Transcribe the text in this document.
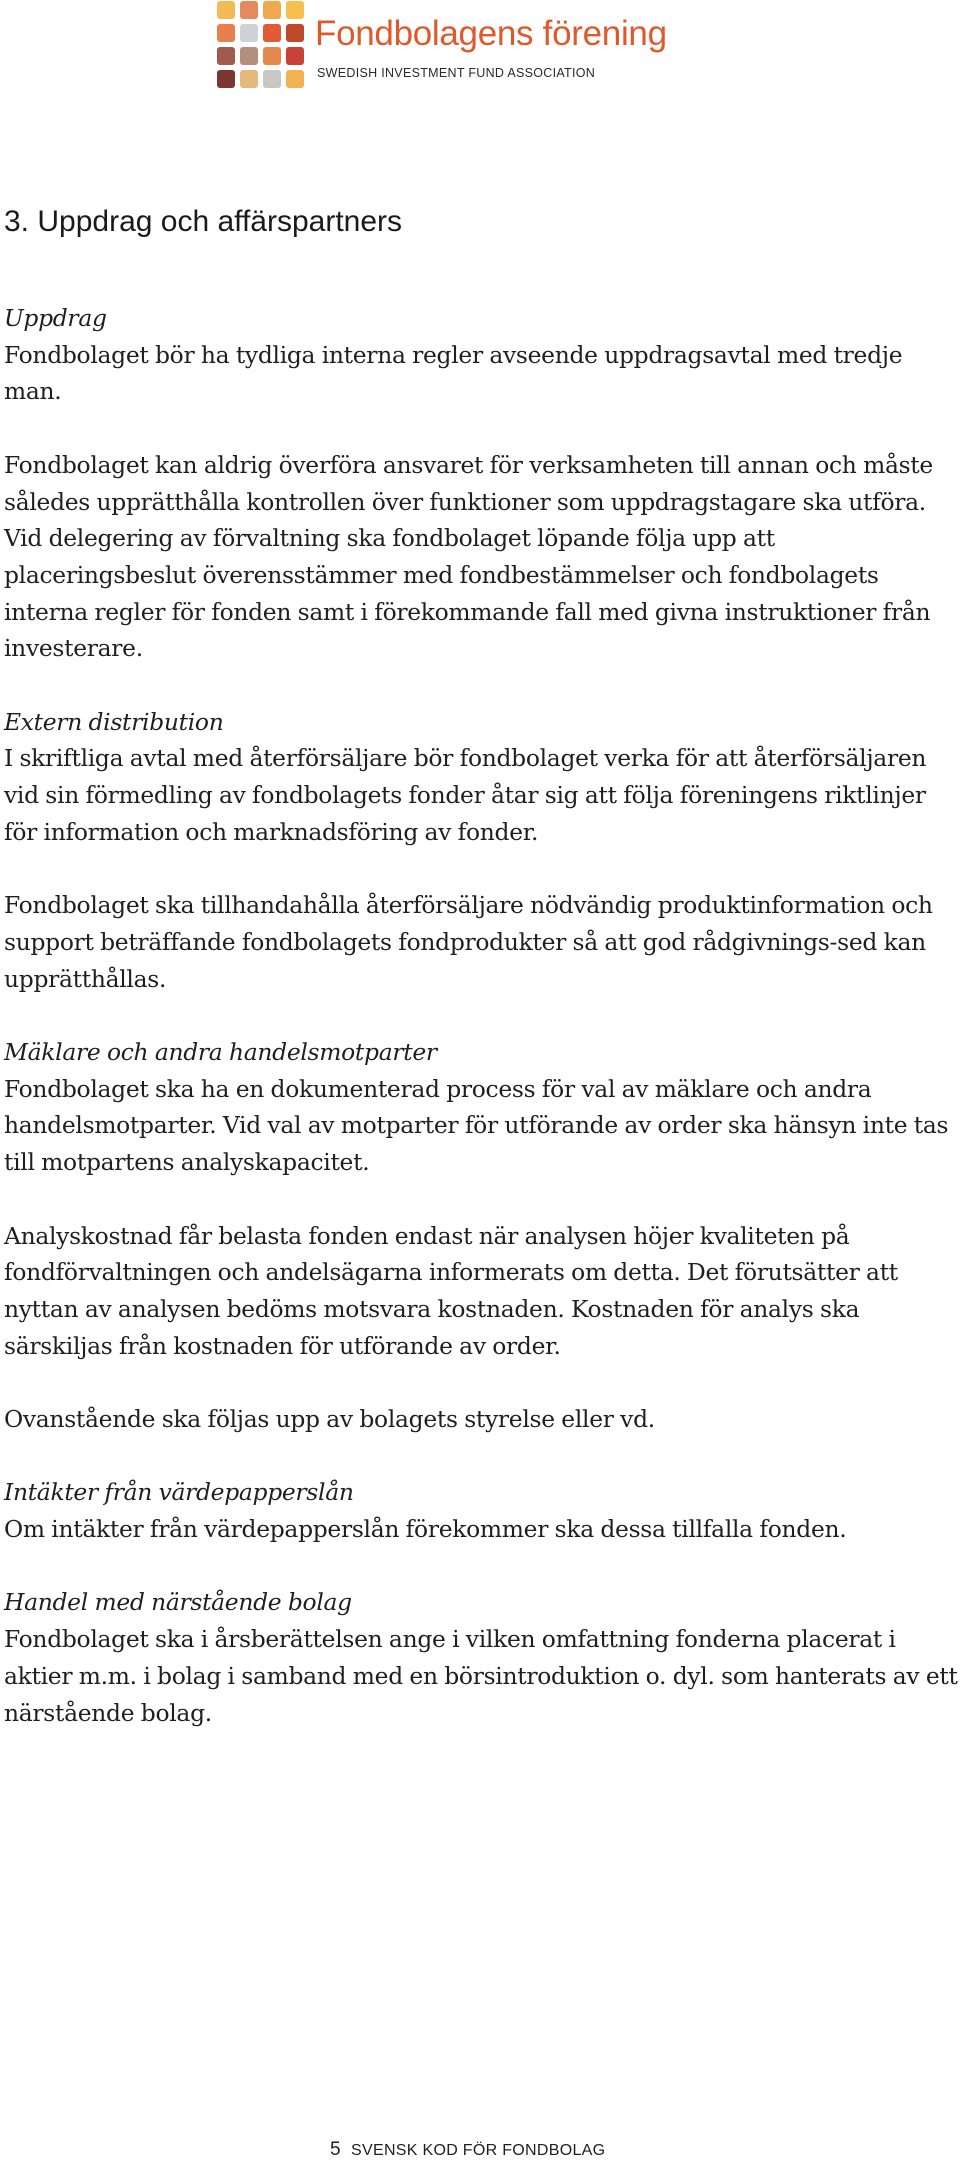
Fondbolagens förening
SWEDISH INVESTMENT FUND ASSOCIATION
3. Uppdrag och affärspartners
Uppdrag

Fondbolaget bör ha tydliga interna regler avseende uppdragsavtal med tredje man.

Fondbolaget kan aldrig överföra ansvaret för verksamheten till annan och måste således upprätthålla kontrollen över funktioner som uppdragstagare ska utföra. Vid delegering av förvaltning ska fondbolaget löpande följa upp att placeringsbeslut överensstämmer med fondbestämmelser och fondbolagets interna regler för fonden samt i förekommande fall med givna instruktioner från investerare.

Extern distribution

I skriftliga avtal med återförsäljare bör fondbolaget verka för att återförsäljaren vid sin förmedling av fondbolagets fonder åtar sig att följa föreningens riktlinjer för information och marknadsföring av fonder.

Fondbolaget ska tillhandahålla återförsäljare nödvändig produktinformation och support beträffande fondbolagets fondprodukter så att god rådgivnings-sed kan upprätthållas.

Mäklare och andra handelsmotparter

Fondbolaget ska ha en dokumenterad process för val av mäklare och andra handelsmotparter. Vid val av motparter för utförande av order ska hänsyn inte tas till motpartens analyskapacitet.

Analyskostnad får belasta fonden endast när analysen höjer kvaliteten på fondförvaltningen och andelsägarna informerats om detta. Det förutsätter att nyttan av analysen bedöms motsvara kostnaden. Kostnaden för analys ska särskiljas från kostnaden för utförande av order.

Ovanstående ska följas upp av bolagets styrelse eller vd.

Intäkter från värdepapperslån

Om intäkter från värdepapperslån förekommer ska dessa tillfalla fonden.

Handel med närstående bolag

Fondbolaget ska i årsberättelsen ange i vilken omfattning fonderna placerat i aktier m.m. i bolag i samband med en börsintroduktion o. dyl. som hanterats av ett närstående bolag.

5 SVENSK KOD FÖR FONDBOLAG
